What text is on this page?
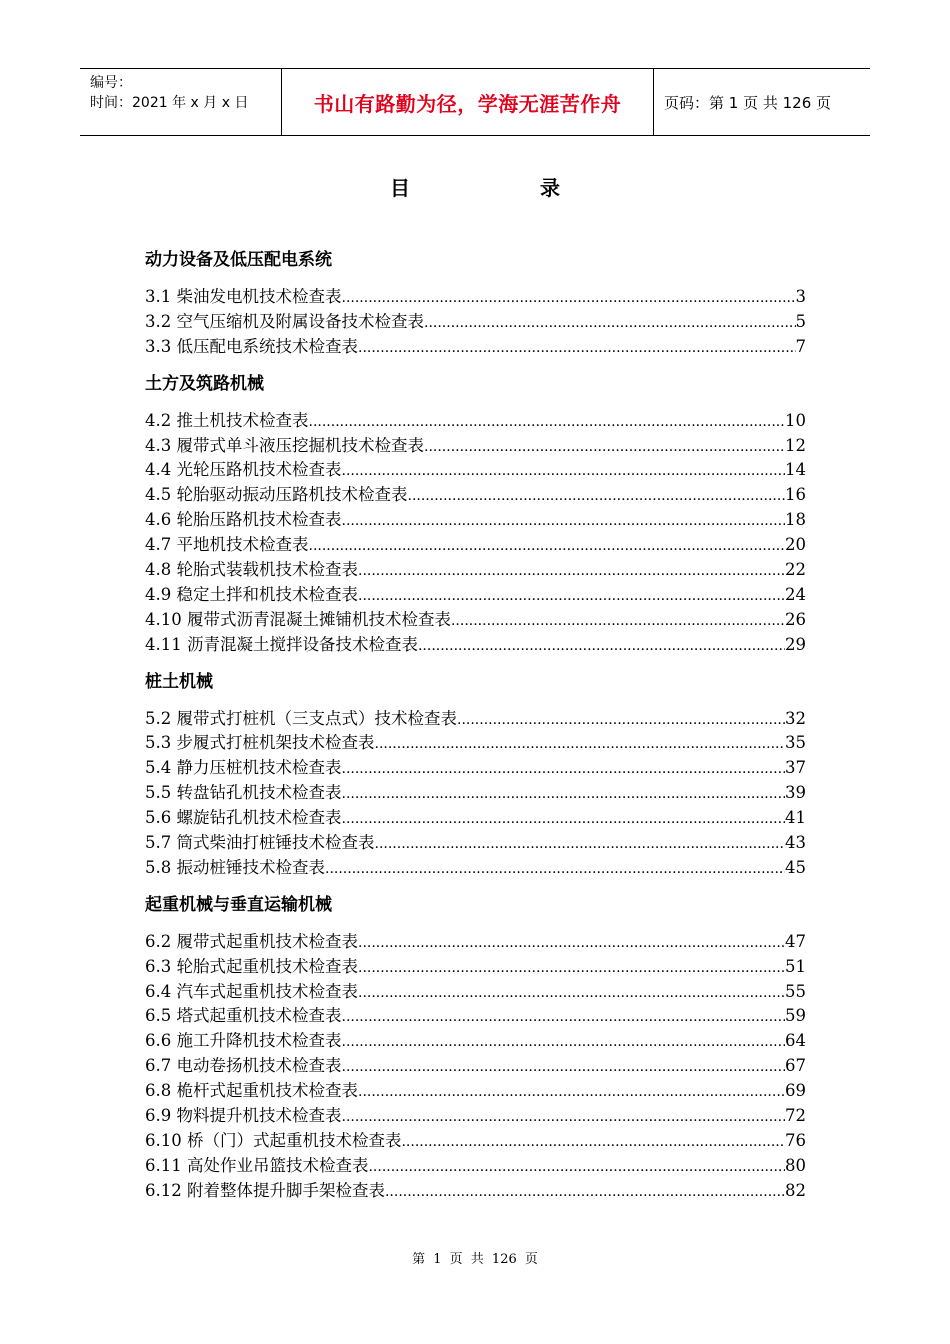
编号：
时间：2021 年 x 月 x 日	书山有路勤为径，学海无涯苦作舟	页码：第 1 页 共 126 页
目录
动力设备及低压配电系统
3.1 柴油发电机技术检查表 .....	3
3.2 空气压缩机及附属设备技术检查表 .....	5
3.3 低压配电系统技术检查表 .....	7
土方及筑路机械
4.2 推土机技术检查表 .....	10
4.3 履带式单斗液压挖掘机技术检查表 .....	12
4.4 光轮压路机技术检查表 .....	14
4.5 轮胎驱动振动压路机技术检查表 .....	16
4.6 轮胎压路机技术检查表 .....	18
4.7 平地机技术检查表 .....	20
4.8 轮胎式装载机技术检查表 .....	22
4.9 稳定土拌和机技术检查表 .....	24
4.10 履带式沥青混凝土摊铺机技术检查表 .....	26
4.11 沥青混凝土搅拌设备技术检查表 .....	29
桩土机械
5.2 履带式打桩机（三支点式）技术检查表 .....	32
5.3 步履式打桩机架技术检查表 .....	35
5.4 静力压桩机技术检查表 .....	37
5.5 转盘钻孔机技术检查表 .....	39
5.6 螺旋钻孔机技术检查表 .....	41
5.7 筒式柴油打桩锤技术检查表 .....	43
5.8 振动桩锤技术检查表 .....	45
起重机械与垂直运输机械
6.2 履带式起重机技术检查表 .....	47
6.3 轮胎式起重机技术检查表 .....	51
6.4 汽车式起重机技术检查表 .....	55
6.5 塔式起重机技术检查表 .....	59
6.6 施工升降机技术检查表 .....	64
6.7 电动卷扬机技术检查表 .....	67
6.8 桅杆式起重机技术检查表 .....	69
6.9 物料提升机技术检查表 .....	72
6.10 桥（门）式起重机技术检查表 .....	76
6.11 高处作业吊篮技术检查表 .....	80
6.12 附着整体提升脚手架检查表 .....	82
第 1 页 共 126 页
